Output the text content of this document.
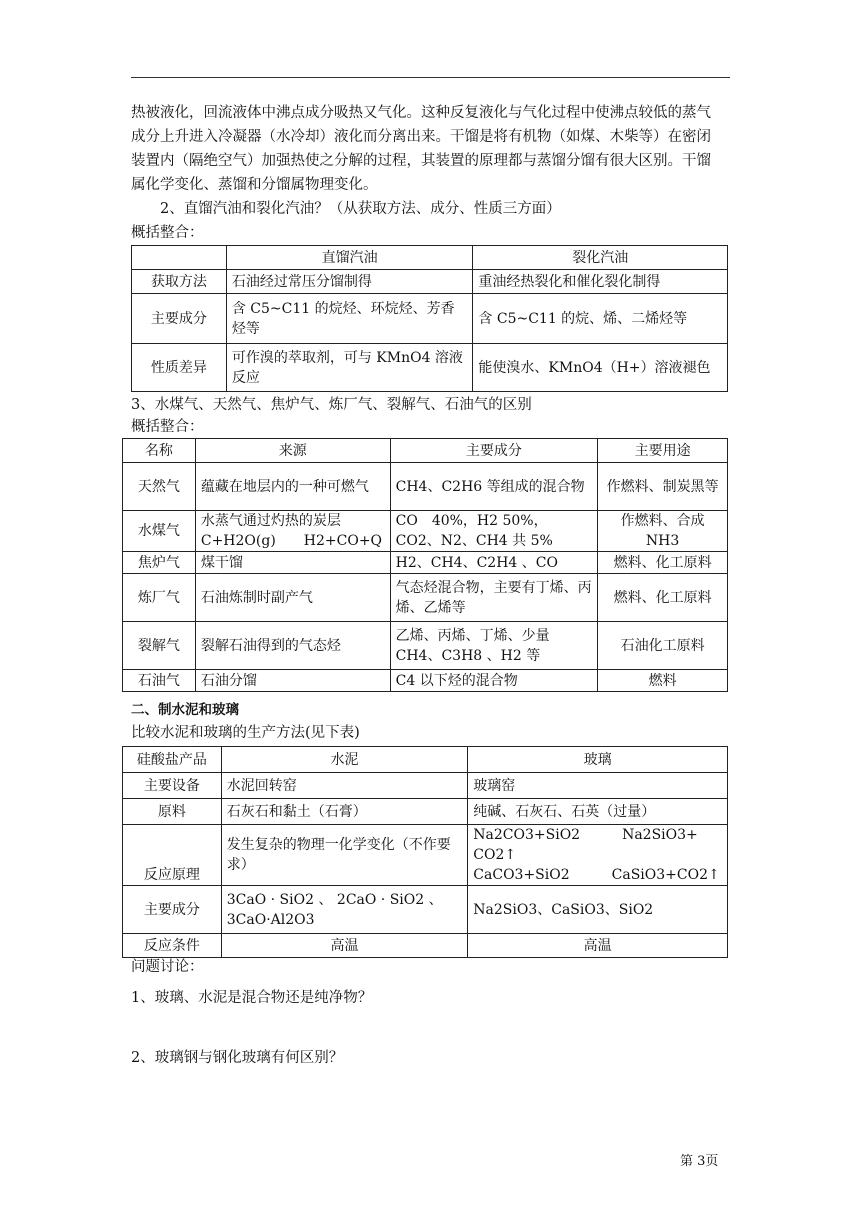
热被液化，回流液体中沸点成分吸热又气化。这种反复液化与气化过程中使沸点较低的蒸气
成分上升进入冷凝器（水冷却）液化而分离出来。干馏是将有机物（如煤、木柴等）在密闭
装置内（隔绝空气）加强热使之分解的过程，其装置的原理都与蒸馏分馏有很大区别。干馏
属化学变化、蒸馏和分馏属物理变化。
2、直馏汽油和裂化汽油？（从获取方法、成分、性质三方面）
概括整合：
	直馏汽油	裂化汽油
获取方法	石油经过常压分馏制得	重油经热裂化和催化裂化制得
主要成分	含 C5~C11 的烷烃、环烷烃、芳香烃等	含 C5~C11 的烷、烯、二烯烃等
性质差异	可作溴的萃取剂，可与 KMnO4 溶液反应	能使溴水、KMnO4（H+）溶液褪色
3、水煤气、天然气、焦炉气、炼厂气、裂解气、石油气的区别
概括整合：
名称	来源	主要成分	主要用途
天然气	蕴藏在地层内的一种可燃气	CH4、C2H6 等组成的混合物	作燃料、制炭黑等
水煤气	水蒸气通过灼热的炭层 C+H2O(g)　　H2+CO+Q	CO　40%，H2 50%，CO2、N2、CH4 共 5%	作燃料、合成 NH3
焦炉气	煤干馏	H2、CH4、C2H4 、CO	燃料、化工原料
炼厂气	石油炼制时副产气	气态烃混合物，主要有丁烯、丙烯、乙烯等	燃料、化工原料
裂解气	裂解石油得到的气态烃	乙烯、丙烯、丁烯、少量 CH4、C3H8 、H2 等	石油化工原料
石油气	石油分馏	C4 以下烃的混合物	燃料
二、制水泥和玻璃
比较水泥和玻璃的生产方法(见下表)
硅酸盐产品	水泥	玻璃
主要设备	水泥回转窑	玻璃窑
原料	石灰石和黏土（石膏）	纯碱、石灰石、石英（过量）
反应原理	发生复杂的物理一化学变化（不作要求）	Na2CO3+SiO2　　　Na2SiO3+ CO2↑
CaCO3+SiO2　　　CaSiO3+CO2↑

主要成分	3CaO · SiO2 、 2CaO · SiO2 、3CaO·Al2O3	Na2SiO3、CaSiO3、SiO2
反应条件	高温	高温
问题讨论：
1、玻璃、水泥是混合物还是纯净物？
2、玻璃钢与钢化玻璃有何区别？
第 3页
